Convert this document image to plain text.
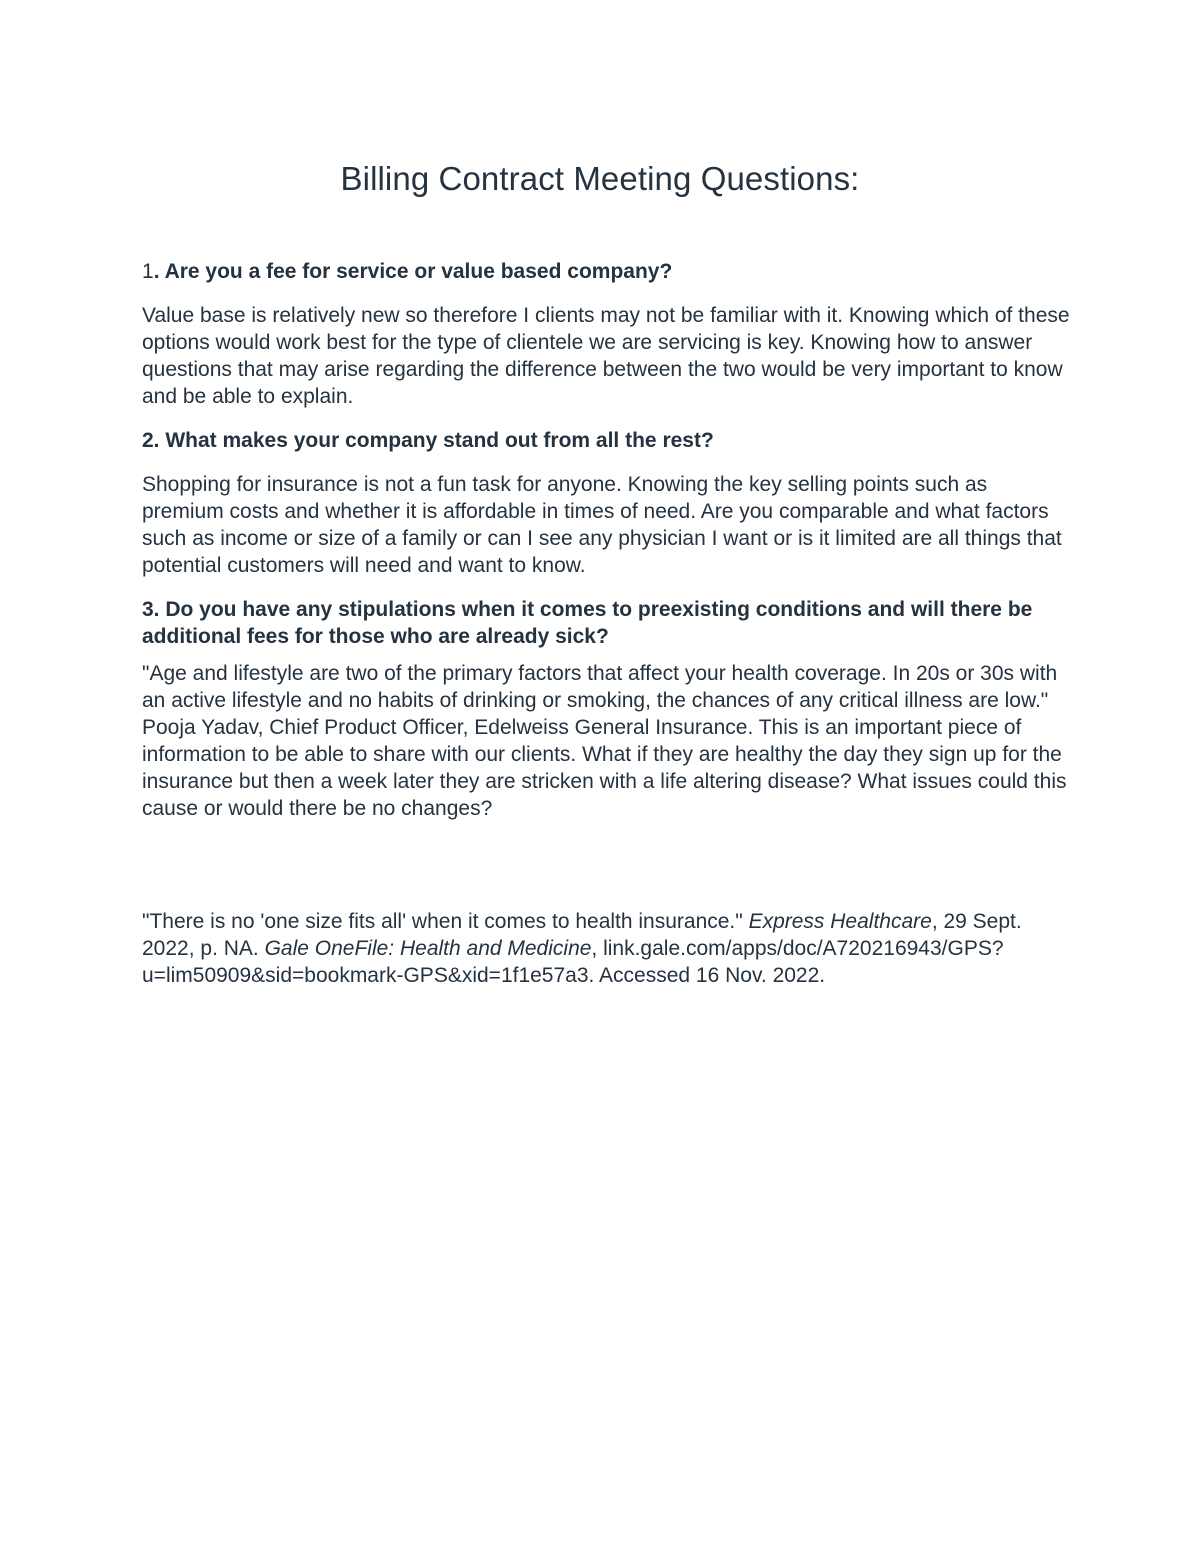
Billing Contract Meeting Questions:

1. Are you a fee for service or value based company?

Value base is relatively new so therefore I clients may not be familiar with it. Knowing which of these options would work best for the type of clientele we are servicing is key. Knowing how to answer questions that may arise regarding the difference between the two would be very important to know and be able to explain.

2. What makes your company stand out from all the rest?

Shopping for insurance is not a fun task for anyone. Knowing the key selling points such as premium costs and whether it is affordable in times of need. Are you comparable and what factors such as income or size of a family or can I see any physician I want or is it limited are all things that potential customers will need and want to know.

3. Do you have any stipulations when it comes to preexisting conditions and will there be additional fees for those who are already sick?

"Age and lifestyle are two of the primary factors that affect your health coverage. In 20s or 30s with an active lifestyle and no habits of drinking or smoking, the chances of any critical illness are low." Pooja Yadav, Chief Product Officer, Edelweiss General Insurance. This is an important piece of information to be able to share with our clients. What if they are healthy the day they sign up for the insurance but then a week later they are stricken with a life altering disease? What issues could this cause or would there be no changes?

"There is no 'one size fits all' when it comes to health insurance." Express Healthcare, 29 Sept. 2022, p. NA. Gale OneFile: Health and Medicine, link.gale.com/apps/doc/A720216943/GPS?u=lim50909&sid=bookmark-GPS&xid=1f1e57a3. Accessed 16 Nov. 2022.
